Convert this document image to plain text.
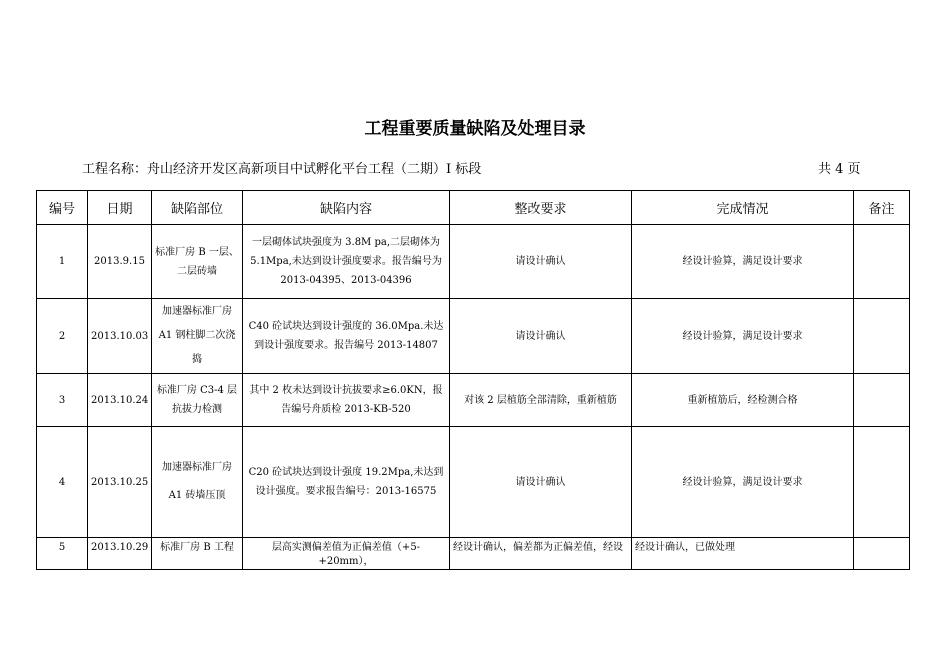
工程重要质量缺陷及处理目录
工程名称：舟山经济开发区高新项目中试孵化平台工程（二期）I 标段	共 4 页
编号	日期	缺陷部位	缺陷内容	整改要求	完成情况	备注
1	2013.9.15	标准厂房 B 一层、二层砖墙	一层砌体试块强度为 3.8M pa,二层砌体为 5.1Mpa,未达到设计强度要求。报告编号为 2013-04395、2013-04396	请设计确认	经设计验算，满足设计要求	
2	2013.10.03	加速器标准厂房 A1 钢柱脚二次浇捣	C40 砼试块达到设计强度的 36.0Mpa.未达到设计强度要求。报告编号 2013-14807	请设计确认	经设计验算，满足设计要求	
3	2013.10.24	标准厂房 C3-4 层抗拔力检测	其中 2 枚未达到设计抗拔要求≥6.0KN，报告编号舟质检 2013-KB-520	对该 2 层植筋全部清除，重新植筋	重新植筋后，经检测合格	
4	2013.10.25	加速器标准厂房 A1 砖墙压顶	C20 砼试块达到设计强度 19.2Mpa,未达到设计强度。要求报告编号：2013-16575	请设计确认	经设计验算，满足设计要求	
5	2013.10.29	标准厂房 B 工程	层高实测偏差值为正偏差值（+5-+20mm），	经设计确认，偏差都为正偏差值，经设	经设计确认，已做处理	
